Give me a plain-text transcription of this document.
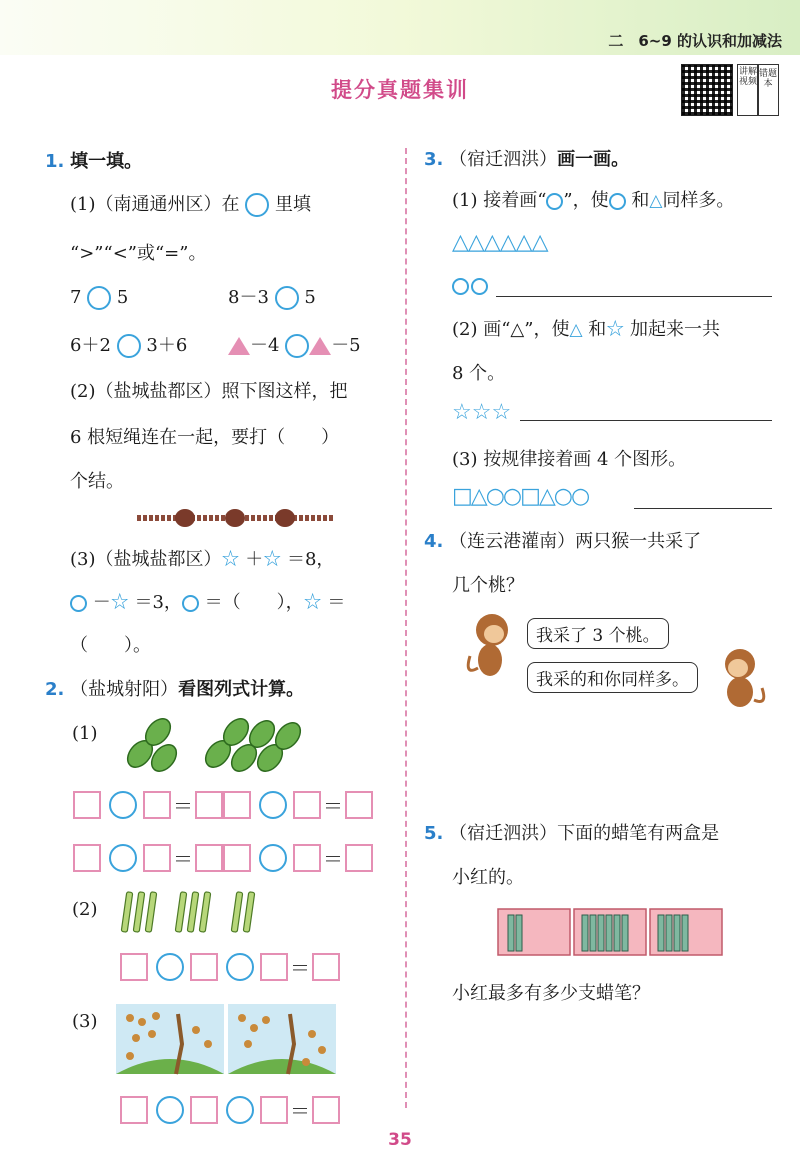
二　6~9 的认识和加减法
提分真题集训
讲解视频
错题本
1. 填一填。
(1)（南通通州区）在 里填
“>”“<”或“=”。
7 5	8－3 5
6＋2 3＋6	－4	－5
(2)（盐城盐都区）照下图这样，把
6 根短绳连在一起，要打（　　）
个结。
(3)（盐城盐都区）☆ ＋☆ ＝8，
－☆ ＝3， ＝（　　），☆ ＝
（　　）。
2. （盐城射阳）看图列式计算。
(1)
＝	＝
＝	＝
(2)
＝
(3)
＝
3. （宿迁泗洪）画一画。
(1) 接着画“ ”，使 和△同样多。
△△△△△△
(2) 画“△”，使△ 和☆ 加起来一共
8 个。
☆☆☆
(3) 按规律接着画 4 个图形。
□△○○□△○○
4. （连云港灌南）两只猴一共采了
几个桃？
我采了 3 个桃。
我采的和你同样多。
5. （宿迁泗洪）下面的蜡笔有两盒是
小红的。
小红最多有多少支蜡笔？
35
